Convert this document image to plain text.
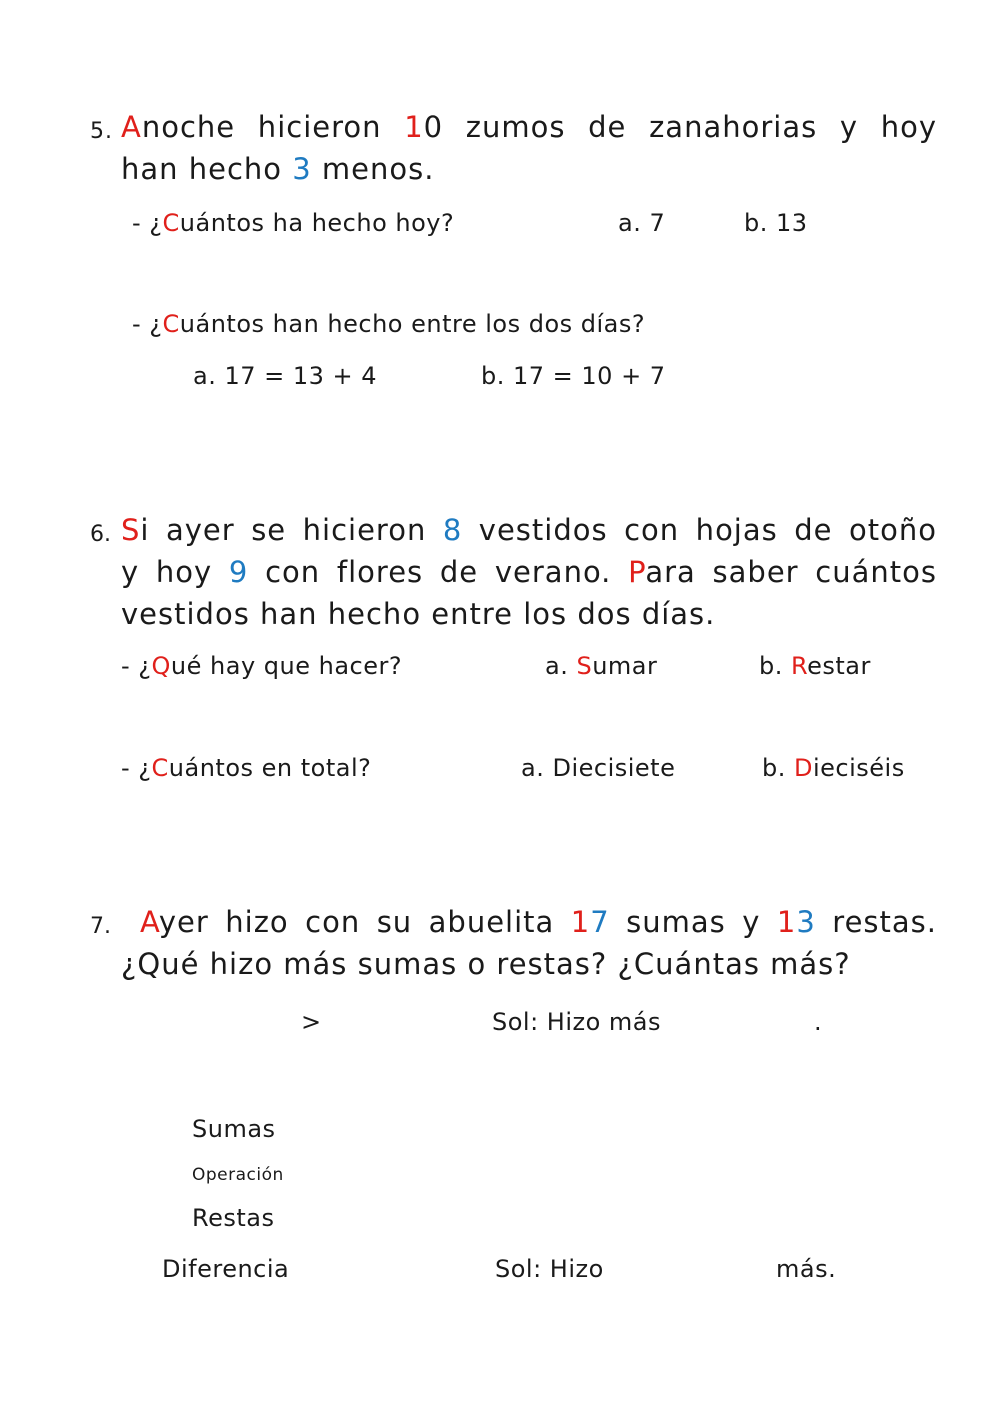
5. Anoche hicieron 10 zumos de zanahorias y hoy
han hecho 3 menos.
- ¿Cuántos ha hecho hoy?	a. 7	b. 13
- ¿Cuántos han hecho entre los dos días?
a. 17 = 13 + 4	b. 17 = 10 + 7
6. Si ayer se hicieron 8 vestidos con hojas de otoño
y hoy 9 con flores de verano. Para saber cuántos
vestidos han hecho entre los dos días.
- ¿Qué hay que hacer?	a. Sumar	b. Restar
- ¿Cuántos en total?	a. Diecisiete	b. Dieciséis
7. Ayer hizo con su abuelita 17 sumas y 13 restas.
¿Qué hizo más sumas o restas? ¿Cuántas más?
>	Sol: Hizo más	.
Sumas
Operación
Restas
Diferencia	Sol: Hizo	más.
